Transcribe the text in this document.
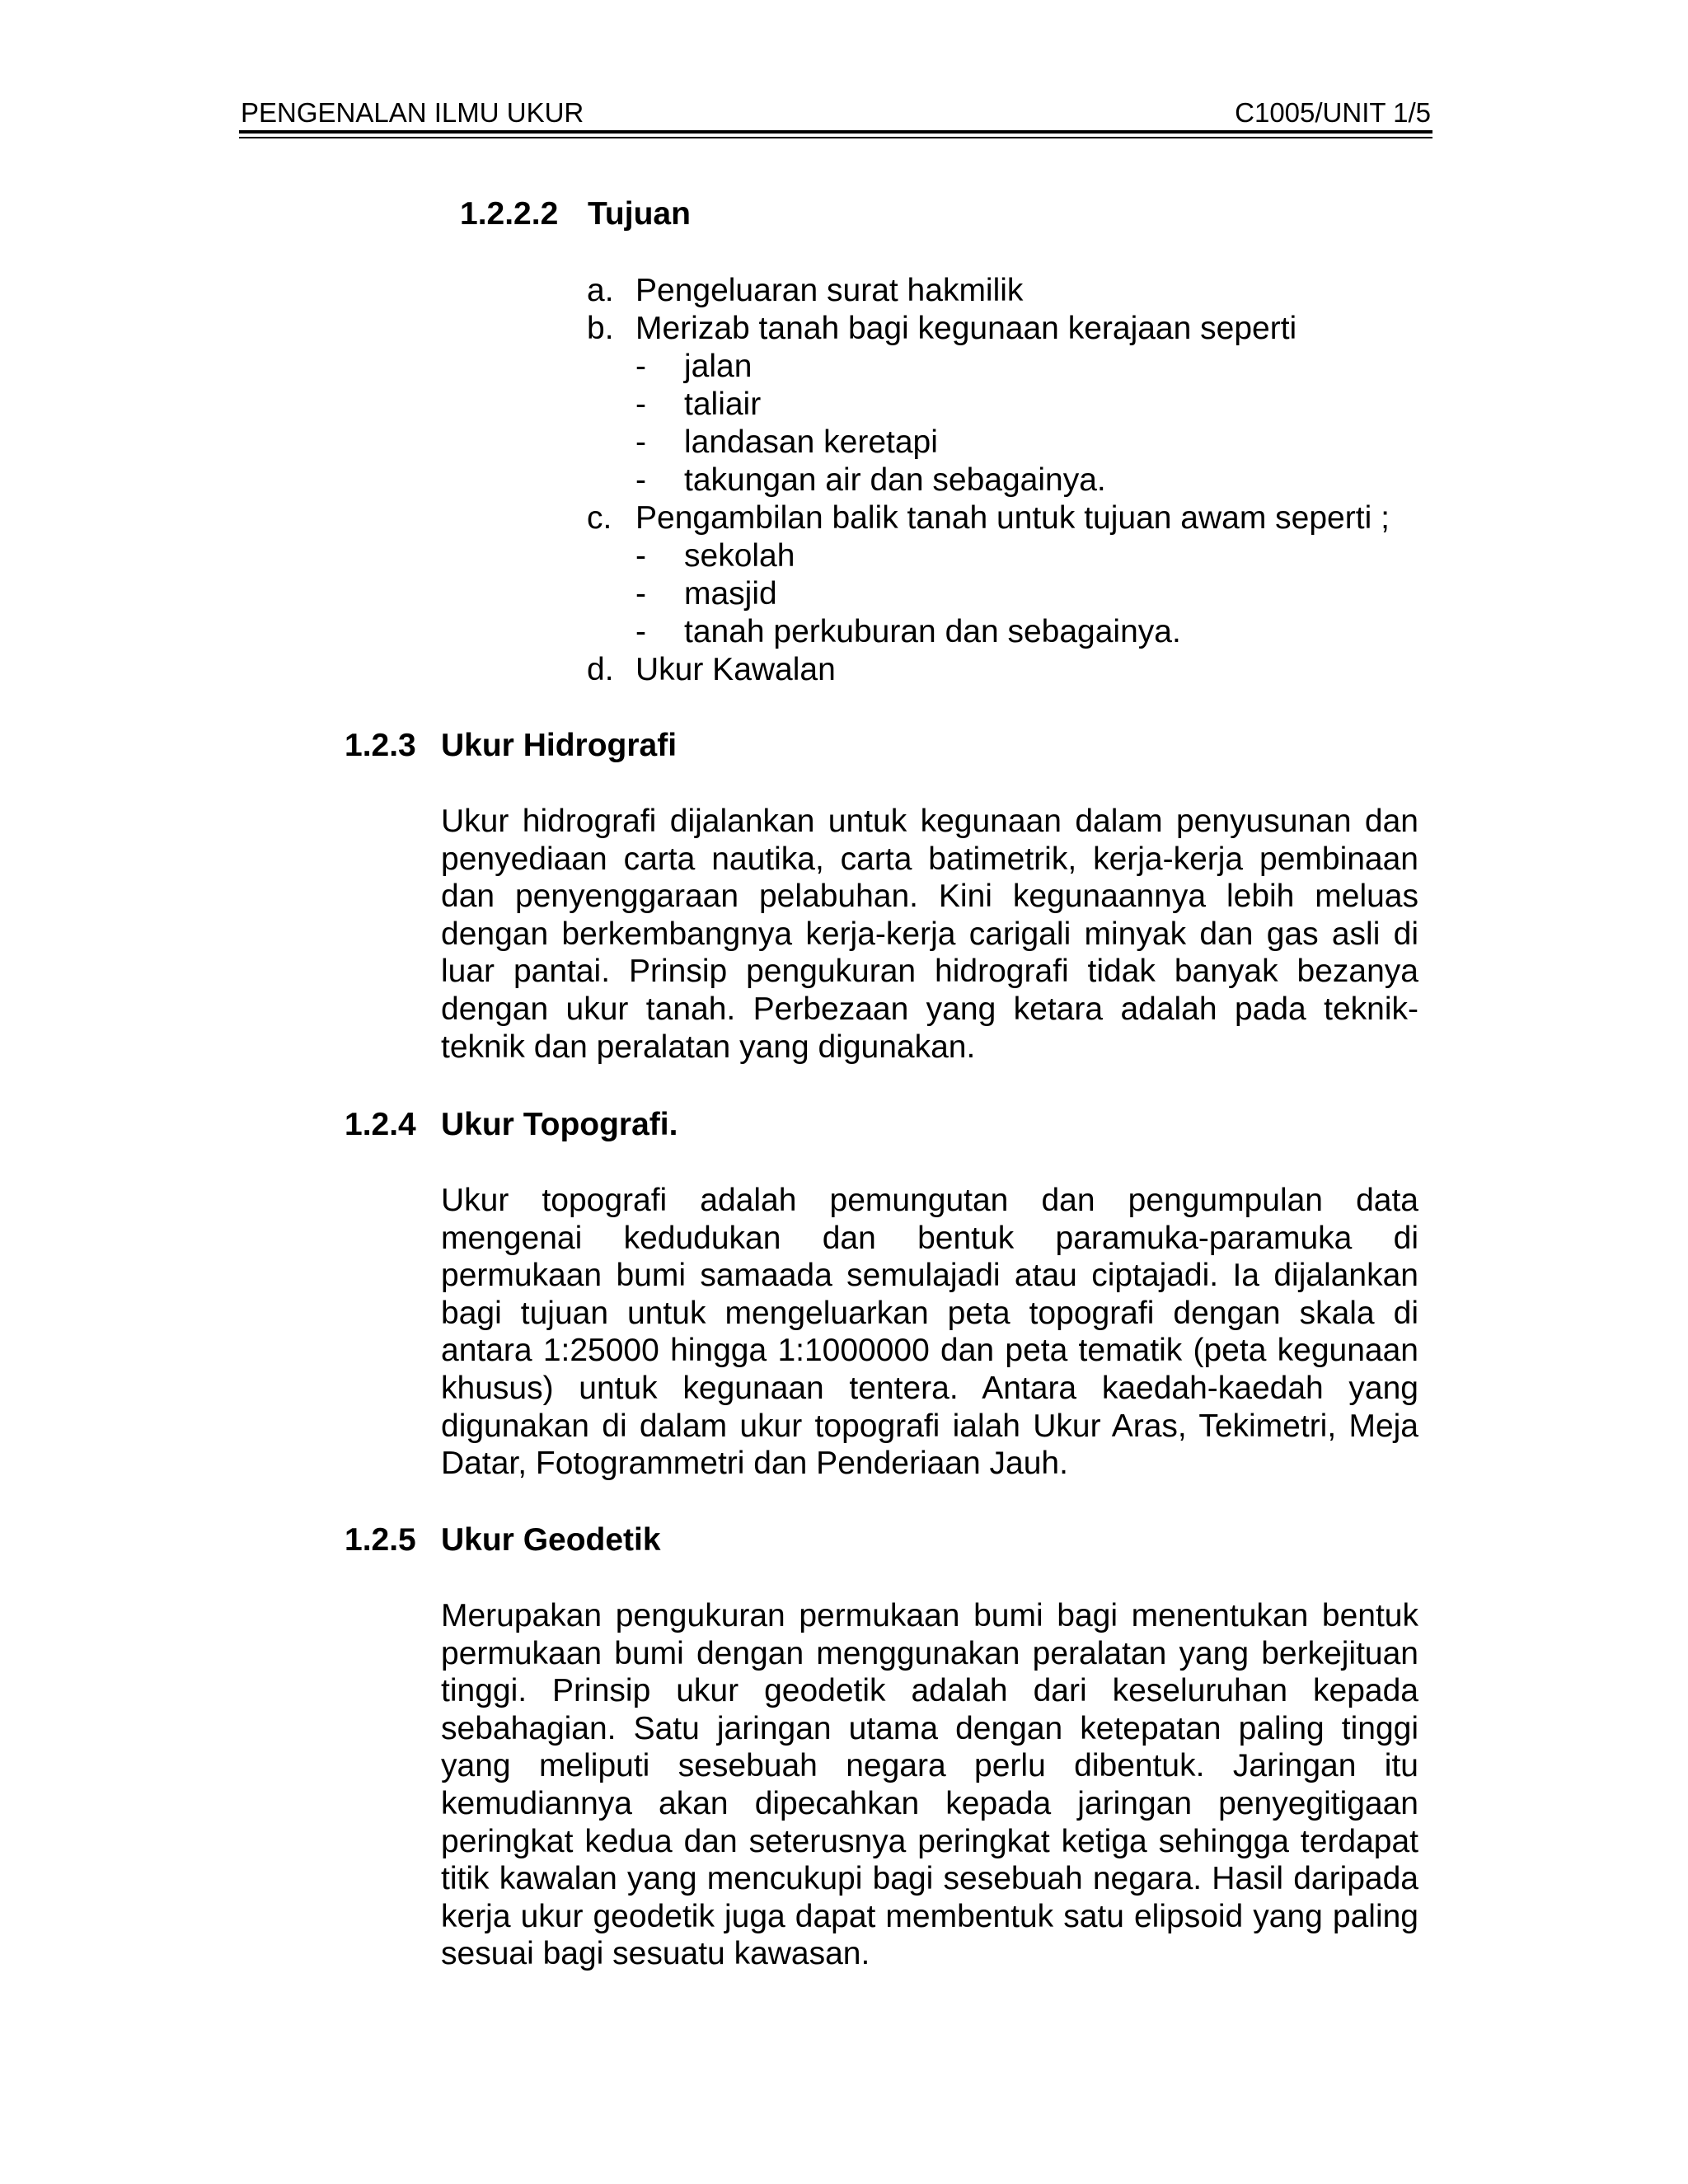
PENGENALAN ILMU UKUR	C1005/UNIT 1/5
1.2.2.2 Tujuan
a. Pengeluaran surat hakmilik
b. Merizab tanah bagi kegunaan kerajaan seperti
- jalan
- taliair
- landasan keretapi
- takungan air dan sebagainya.
c. Pengambilan balik tanah untuk tujuan awam seperti ;
- sekolah
- masjid
- tanah perkuburan dan sebagainya.
d. Ukur Kawalan
1.2.3 Ukur Hidrografi
Ukur hidrografi dijalankan untuk kegunaan dalam penyusunan dan penyediaan carta nautika, carta batimetrik, kerja-kerja pembinaan dan penyenggaraan pelabuhan. Kini kegunaannya lebih meluas dengan berkembangnya kerja-kerja carigali minyak dan gas asli di luar pantai. Prinsip pengukuran hidrografi tidak banyak bezanya dengan ukur tanah. Perbezaan yang ketara adalah pada teknik-teknik dan peralatan yang digunakan.
1.2.4 Ukur Topografi.
Ukur topografi adalah pemungutan dan pengumpulan data mengenai kedudukan dan bentuk paramuka-paramuka di permukaan bumi samaada semulajadi atau ciptajadi. Ia dijalankan bagi tujuan untuk mengeluarkan peta topografi dengan skala di antara 1:25000 hingga 1:1000000 dan peta tematik (peta kegunaan khusus) untuk kegunaan tentera. Antara kaedah-kaedah yang digunakan di dalam ukur topografi ialah Ukur Aras, Tekimetri, Meja Datar, Fotogrammetri dan Penderiaan Jauh.
1.2.5 Ukur Geodetik
Merupakan pengukuran permukaan bumi bagi menentukan bentuk permukaan bumi dengan menggunakan peralatan yang berkejituan tinggi. Prinsip ukur geodetik adalah dari keseluruhan kepada sebahagian. Satu jaringan utama dengan ketepatan paling tinggi yang meliputi sesebuah negara perlu dibentuk. Jaringan itu kemudiannya akan dipecahkan kepada jaringan penyegitigaan peringkat kedua dan seterusnya peringkat ketiga sehingga terdapat titik kawalan yang mencukupi bagi sesebuah negara. Hasil daripada kerja ukur geodetik juga dapat membentuk satu elipsoid yang paling sesuai bagi sesuatu kawasan.
